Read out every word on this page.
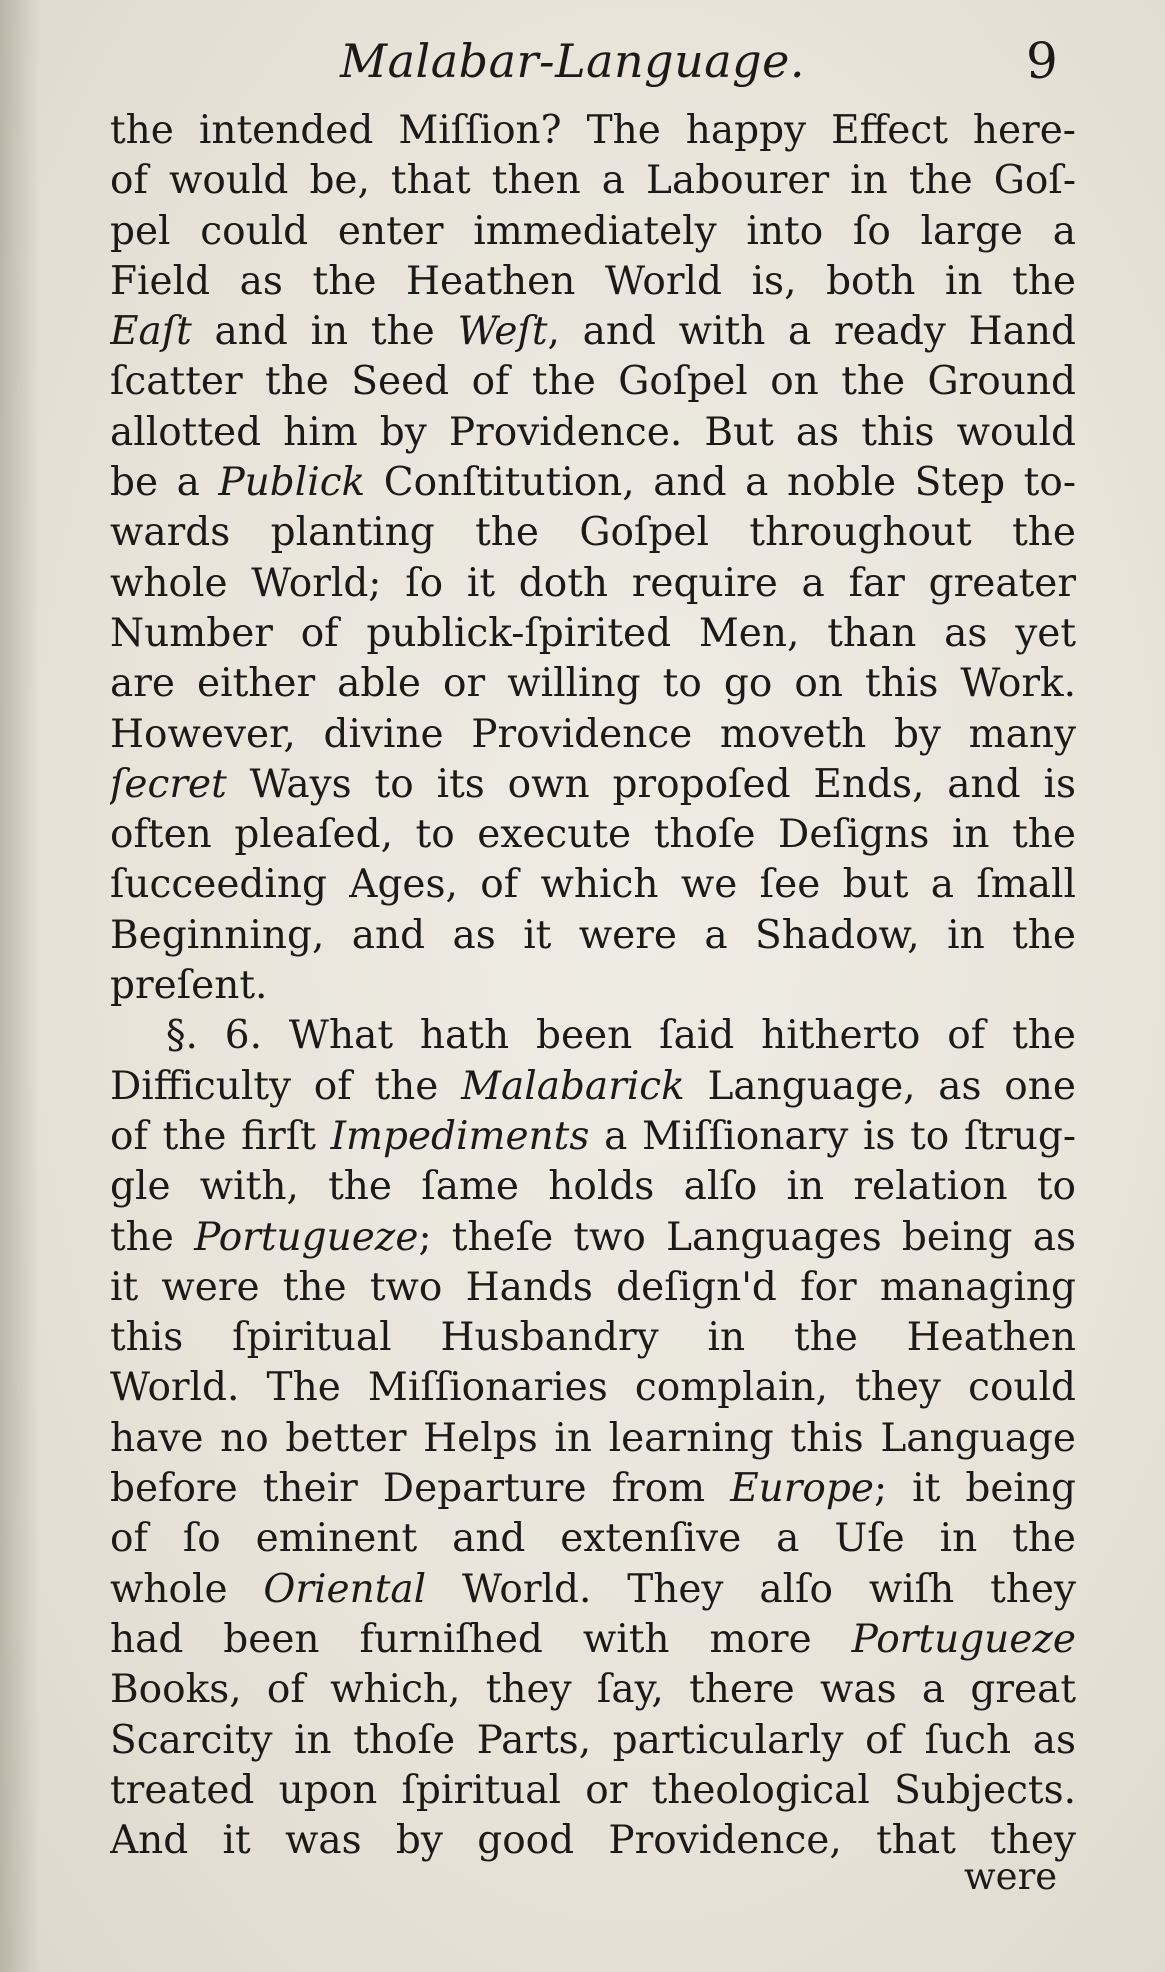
Malabar-Language.	9
the intended Miſſion? The happy Effect here-
of would be, that then a Labourer in the Goſ-
pel could enter immediately into ſo large a
Field as the Heathen World is, both in the
Eaſt and in the Weſt, and with a ready Hand
ſcatter the Seed of the Goſpel on the Ground
allotted him by Providence. But as this would
be a Publick Conſtitution, and a noble Step to-
wards planting the Goſpel throughout the
whole World; ſo it doth require a far greater
Number of publick-ſpirited Men, than as yet
are either able or willing to go on this Work.
However, divine Providence moveth by many
ſecret Ways to its own propoſed Ends, and is
often pleaſed, to execute thoſe Deſigns in the
ſucceeding Ages, of which we ſee but a ſmall
Beginning, and as it were a Shadow, in the
preſent.
§. 6. What hath been ſaid hitherto of the
Difficulty of the Malabarick Language, as one
of the firſt Impediments a Miſſionary is to ſtrug-
gle with, the ſame holds alſo in relation to
the Portugueze; theſe two Languages being as
it were the two Hands deſign'd for managing
this ſpiritual Husbandry in the Heathen
World. The Miſſionaries complain, they could
have no better Helps in learning this Language
before their Departure from Europe; it being
of ſo eminent and extenſive a Uſe in the
whole Oriental World. They alſo wiſh they
had been furniſhed with more Portugueze
Books, of which, they ſay, there was a great
Scarcity in thoſe Parts, particularly of ſuch as
treated upon ſpiritual or theological Subjects.
And it was by good Providence, that they
were
